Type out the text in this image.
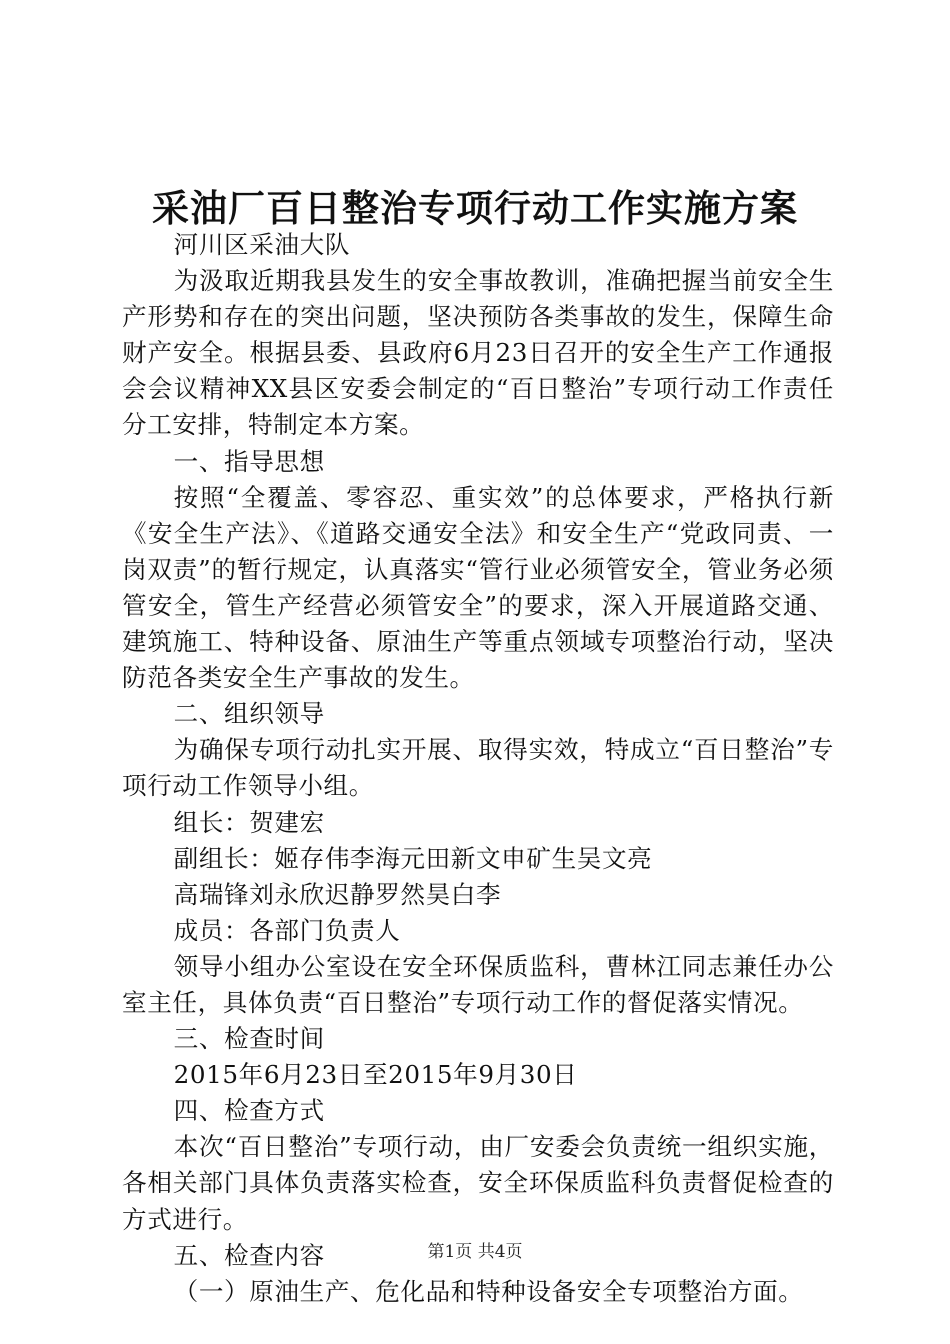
采油厂百日整治专项行动工作实施方案

河川区采油大队

为汲取近期我县发生的安全事故教训，准确把握当前安全生产形势和存在的突出问题，坚决预防各类事故的发生，保障生命财产安全。根据县委、县政府6月23日召开的安全生产工作通报会会议精神XX县区安委会制定的“百日整治”专项行动工作责任分工安排，特制定本方案。

一、指导思想

按照“全覆盖、零容忍、重实效”的总体要求，严格执行新《安全生产法》、《道路交通安全法》和安全生产“党政同责、一岗双责”的暂行规定，认真落实“管行业必须管安全，管业务必须管安全，管生产经营必须管安全”的要求，深入开展道路交通、建筑施工、特种设备、原油生产等重点领域专项整治行动，坚决防范各类安全生产事故的发生。

二、组织领导

为确保专项行动扎实开展、取得实效，特成立“百日整治”专项行动工作领导小组。

组长：贺建宏

副组长：姬存伟李海元田新文申矿生吴文亮

高瑞锋刘永欣迟静罗然昊白李

成员：各部门负责人

领导小组办公室设在安全环保质监科，曹林江同志兼任办公室主任，具体负责“百日整治”专项行动工作的督促落实情况。

三、检查时间

2015年6月23日至2015年9月30日

四、检查方式

本次“百日整治”专项行动，由厂安委会负责统一组织实施，各相关部门具体负责落实检查，安全环保质监科负责督促检查的方式进行。

五、检查内容

（一）原油生产、危化品和特种设备安全专项整治方面。

第1页 共4页
